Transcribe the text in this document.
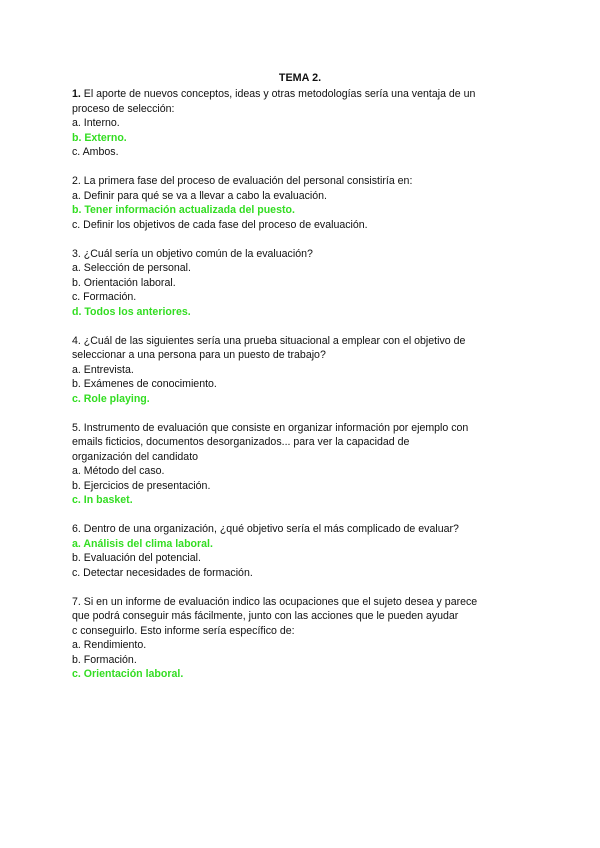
TEMA 2.
1. El aporte de nuevos conceptos, ideas y otras metodologías sería una ventaja de un
proceso de selección:
a. Interno.
b. Externo.
c. Ambos.
2. La primera fase del proceso de evaluación del personal consistiría en:
a. Definir para qué se va a llevar a cabo la evaluación.
b. Tener información actualizada del puesto.
c. Definir los objetivos de cada fase del proceso de evaluación.
3. ¿Cuál sería un objetivo común de la evaluación?
a. Selección de personal.
b. Orientación laboral.
c. Formación.
d. Todos los anteriores.
4. ¿Cuál de las siguientes sería una prueba situacional a emplear con el objetivo de
seleccionar a una persona para un puesto de trabajo?
a. Entrevista.
b. Exámenes de conocimiento.
c. Role playing.
5. Instrumento de evaluación que consiste en organizar información por ejemplo con
emails ficticios, documentos desorganizados... para ver la capacidad de
organización del candidato
a. Método del caso.
b. Ejercicios de presentación.
c. In basket.
6. Dentro de una organización, ¿qué objetivo sería el más complicado de evaluar?
a. Análisis del clima laboral.
b. Evaluación del potencial.
c. Detectar necesidades de formación.
7. Si en un informe de evaluación indico las ocupaciones que el sujeto desea y parece
que podrá conseguir más fácilmente, junto con las acciones que le pueden ayudar
c conseguirlo. Esto informe sería específico de:
a. Rendimiento.
b. Formación.
c. Orientación laboral.
